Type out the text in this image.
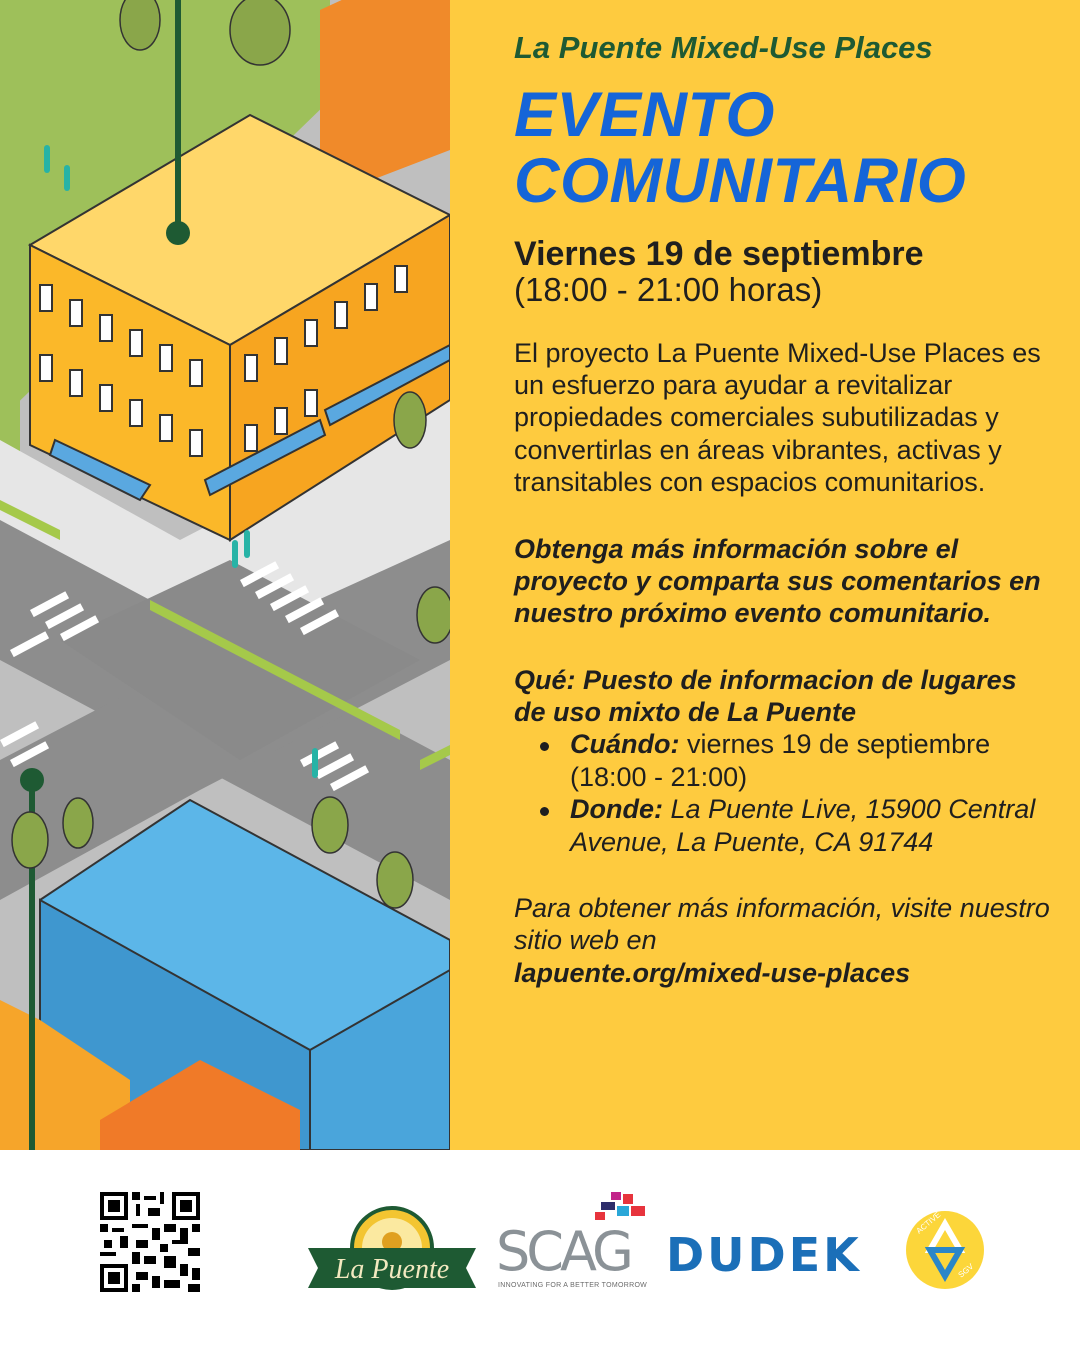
La Puente Mixed-Use Places

EVENTO
COMUNITARIO
Viernes 19 de septiembre
(18:00 - 21:00 horas)
El proyecto La Puente Mixed-Use Places es un esfuerzo para ayudar a revitalizar propiedades comerciales subutilizadas y convertirlas en áreas vibrantes, activas y transitables con espacios comunitarios.
Obtenga más información sobre el proyecto y comparta sus comentarios en nuestro próximo evento comunitario.
Qué: Puesto de informacion de lugares de uso mixto de La Puente
Cuándo: viernes 19 de septiembre (18:00 - 21:00)
Donde: La Puente Live, 15900 Central Avenue, La Puente, CA 91744
Para obtener más información, visite nuestro sitio web en
lapuente.org/mixed-use-places
La Puente SCAG
INNOVATING FOR A BETTER TOMORROW
DUDEK
ACTIVE
SGV
